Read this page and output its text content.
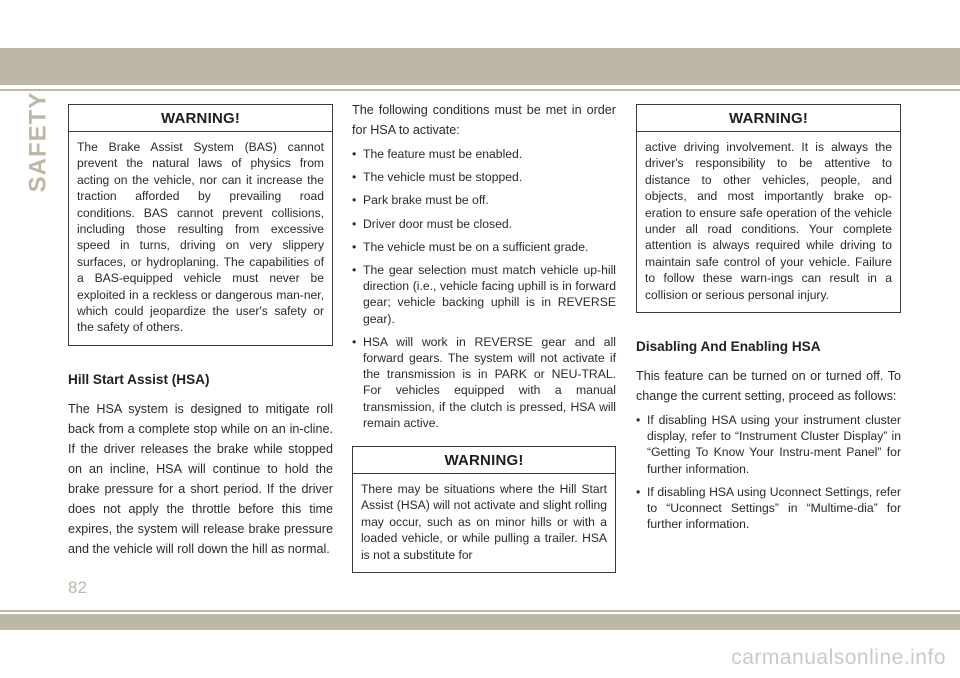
SAFETY	WARNING!
The Brake Assist System (BAS) cannot prevent the natural laws of physics from acting on the vehicle, nor can it increase the traction afforded by prevailing road conditions. BAS cannot prevent collisions, including those resulting from excessive speed in turns, driving on very slippery surfaces, or hydroplaning. The capabilities of a BAS-equipped vehicle must never be exploited in a reckless or dangerous man-ner, which could jeopardize the user's safety or the safety of others.
Hill Start Assist (HSA)
The HSA system is designed to mitigate roll back from a complete stop while on an in-cline. If the driver releases the brake while stopped on an incline, HSA will continue to hold the brake pressure for a short period. If the driver does not apply the throttle before this time expires, the system will release brake pressure and the vehicle will roll down the hill as normal.
The following conditions must be met in order for HSA to activate:
• The feature must be enabled.
• The vehicle must be stopped.
• Park brake must be off.
• Driver door must be closed.
• The vehicle must be on a sufficient grade.
• The gear selection must match vehicle up-hill direction (i.e., vehicle facing uphill is in forward gear; vehicle backing uphill is in REVERSE gear).
• HSA will work in REVERSE gear and all forward gears. The system will not activate if the transmission is in PARK or NEU-TRAL. For vehicles equipped with a manual transmission, if the clutch is pressed, HSA will remain active.
WARNING!
There may be situations where the Hill Start Assist (HSA) will not activate and slight rolling may occur, such as on minor hills or with a loaded vehicle, or while pulling a trailer. HSA is not a substitute for
WARNING!
active driving involvement. It is always the driver's responsibility to be attentive to distance to other vehicles, people, and objects, and most importantly brake op-eration to ensure safe operation of the vehicle under all road conditions. Your complete attention is always required while driving to maintain safe control of your vehicle. Failure to follow these warn-ings can result in a collision or serious personal injury.
Disabling And Enabling HSA
This feature can be turned on or turned off. To change the current setting, proceed as follows:
• If disabling HSA using your instrument cluster display, refer to “Instrument Cluster Display” in “Getting To Know Your Instru-ment Panel” for further information.
• If disabling HSA using Uconnect Settings, refer to “Uconnect Settings” in “Multime-dia” for further information.
82
carmanualsonline.info
